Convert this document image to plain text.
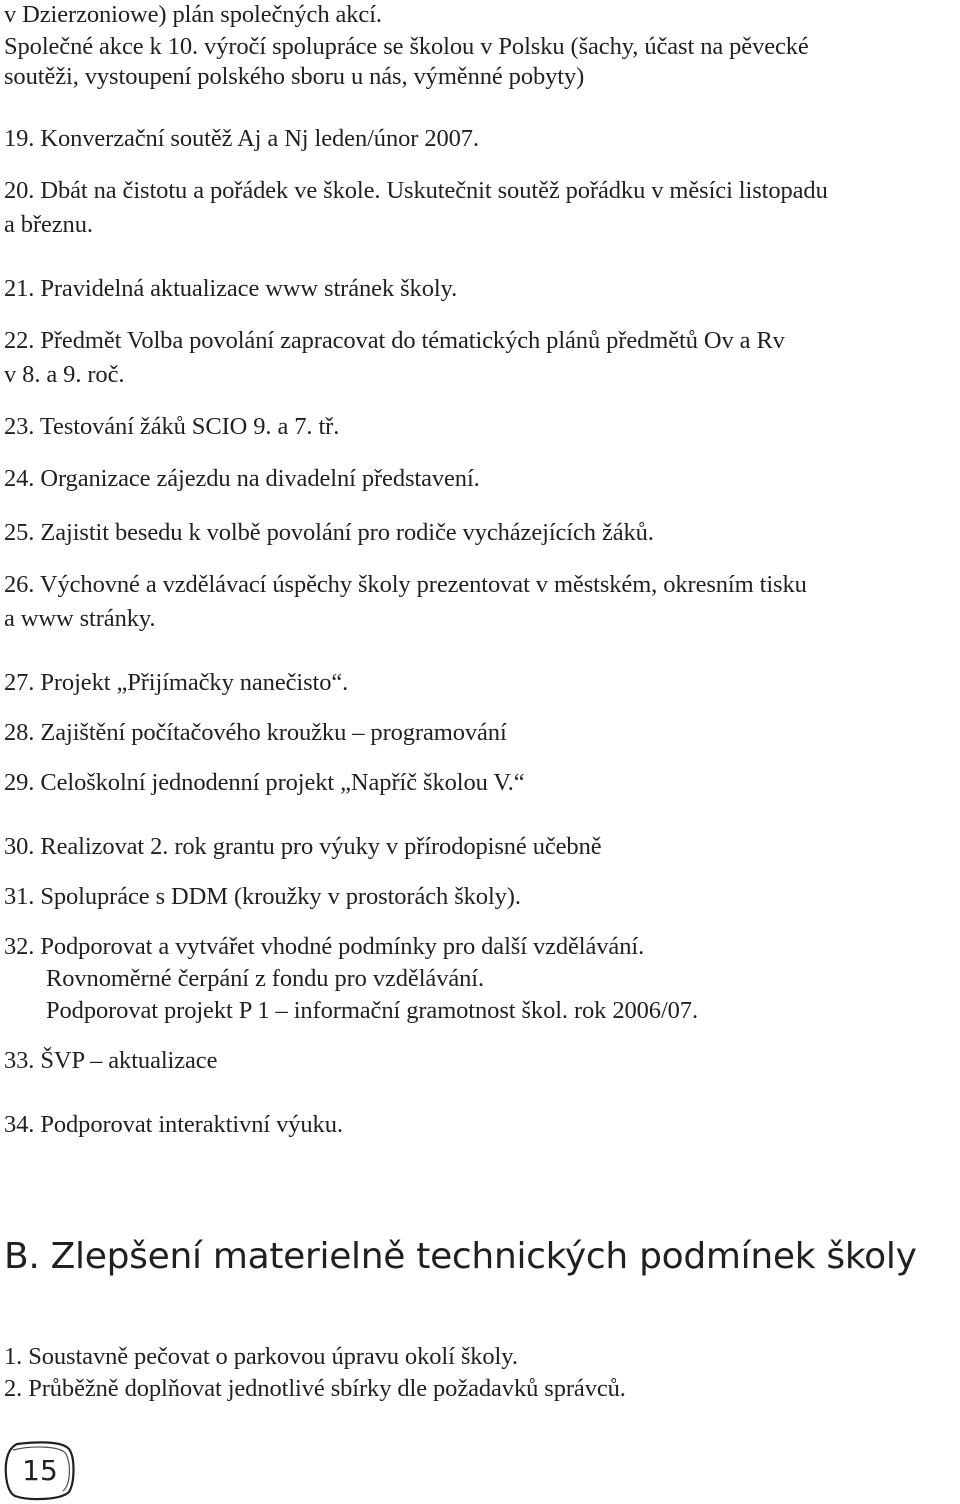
v Dzierzoniowe) plán společných akcí.
Společné akce k 10. výročí spolupráce se školou v Polsku (šachy, účast na pěvecké
soutěži, vystoupení polského sboru u nás, výměnné pobyty)
19. Konverzační soutěž Aj a Nj leden/únor 2007.
20. Dbát na čistotu a pořádek ve škole. Uskutečnit soutěž pořádku v měsíci listopadu
a březnu.
21. Pravidelná aktualizace www stránek školy.
22. Předmět Volba povolání zapracovat do tématických plánů předmětů Ov a Rv
v 8. a 9. roč.
23. Testování žáků SCIO 9. a 7. tř.
24. Organizace zájezdu na divadelní představení.
25. Zajistit besedu k volbě povolání pro rodiče vycházejících žáků.
26. Výchovné a vzdělávací úspěchy školy prezentovat v městském, okresním tisku
a www stránky.
27. Projekt „Přijímačky nanečisto“.
28. Zajištění počítačového kroužku – programování
29. Celoškolní jednodenní projekt „Napříč školou V.“
30. Realizovat 2. rok grantu pro výuky v přírodopisné učebně
31. Spolupráce s DDM (kroužky v prostorách školy).
32. Podporovat a vytvářet vhodné podmínky pro další vzdělávání.
Rovnoměrné čerpání z fondu pro vzdělávání.
Podporovat projekt P 1 – informační gramotnost škol. rok 2006/07.
33. ŠVP – aktualizace
34. Podporovat interaktivní výuku.
B. Zlepšení materielně technických podmínek školy
1. Soustavně pečovat o parkovou úpravu okolí školy.
2. Průběžně doplňovat jednotlivé sbírky dle požadavků správců.
15
